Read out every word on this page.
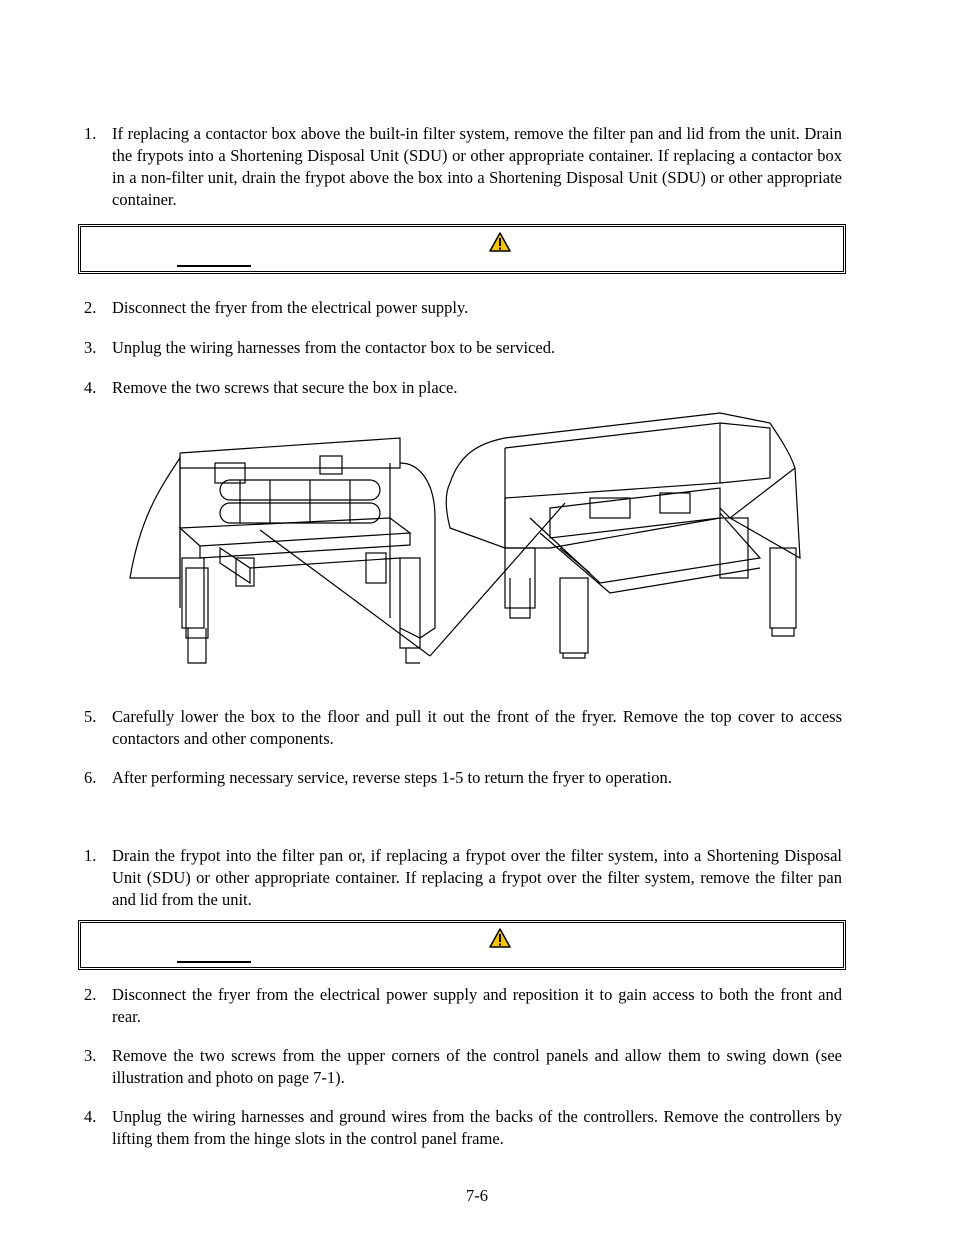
1. If replacing a contactor box above the built-in filter system, remove the filter pan and lid from the unit. Drain the frypots into a Shortening Disposal Unit (SDU) or other appropriate container. If replacing a contactor box in a non-filter unit, drain the frypot above the box into a Shortening Disposal Unit (SDU) or other appropriate container.
2. Disconnect the fryer from the electrical power supply.
3. Unplug the wiring harnesses from the contactor box to be serviced.
4. Remove the two screws that secure the box in place.
5. Carefully lower the box to the floor and pull it out the front of the fryer. Remove the top cover to access contactors and other components.
6. After performing necessary service, reverse steps 1-5 to return the fryer to operation.
1. Drain the frypot into the filter pan or, if replacing a frypot over the filter system, into a Shortening Disposal Unit (SDU) or other appropriate container. If replacing a frypot over the filter system, remove the filter pan and lid from the unit.
2. Disconnect the fryer from the electrical power supply and reposition it to gain access to both the front and rear.
3. Remove the two screws from the upper corners of the control panels and allow them to swing down (see illustration and photo on page 7-1).
4. Unplug the wiring harnesses and ground wires from the backs of the controllers. Remove the controllers by lifting them from the hinge slots in the control panel frame.
7-6
